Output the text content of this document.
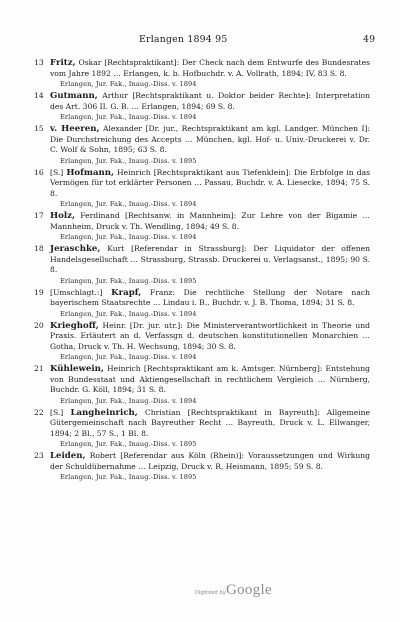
Erlangen 1894 95	49
13 Fritz, Oskar [Rechtspraktikant]: Der Check nach dem Entwurfe des Bundesrates vom Jahre 1892 … Erlangen, k. b. Hofbuchdr. v. A. Vollrath, 1894; IV, 83 S. 8.
Erlangen, Jur. Fak., Inaug.-Diss. v. 1894
14 Gutmann, Arthur [Rechtspraktikant u. Doktor beider Rechte]: Interpretation des Art. 306 II. G. B. … Erlangen, 1894; 69 S. 8.
Erlangen, Jur. Fak., Inaug.-Diss. v. 1894
15 v. Heeren, Alexander [Dr. jur., Rechtspraktikant am kgl. Landger. München I]: Die Durchstreichung des Accepts … München, kgl. Hof- u. Univ.-Druckerei v. Dr. C. Wolf & Sohn, 1895; 63 S. 8.
Erlangen, Jur. Fak., Inaug.-Diss. v. 1895
16 [S.] Hofmann, Heinrich [Rechtspraktikant aus Tiefenklein]: Die Erbfolge in das Vermögen für tot erklärter Personen … Passau, Buchdr. v. A. Liesecke, 1894; 75 S. 8.
Erlangen, Jur. Fak., Inaug.-Diss. v. 1894
17 Holz, Ferdinand [Rechtsanw. in Mannheim]: Zur Lehre von der Bigamie … Mannheim, Druck v. Th. Wendling, 1894; 49 S. 8.
Erlangen, Jur. Fak., Inaug.-Diss. v. 1894
18 Jeraschke, Kurt [Referendar in Strassburg]: Der Liquidator der offenen Handelsgesellschaft … Strassburg, Strassb. Druckerei u. Verlagsanst., 1895; 90 S. 8.
Erlangen, Jur. Fak., Inaug.-Diss. v. 1895
19 [Umschlagt.:] Krapf, Franz: Die rechtliche Stellung der Notare nach bayerischem Staatsrechte … Lindau i. B., Buchdr. v. J. B. Thoma, 1894; 31 S. 8.
Erlangen, Jur. Fak., Inaug.-Diss. v. 1894
20 Krieghoff, Heinr. [Dr. jur. utr.]: Die Ministerverantwortlichkeit in Theorie und Praxis. Erläutert an d. Verfassgn d. deutschen konstitutionellen Monarchien … Gotha, Druck v. Th. H. Wechsung, 1894; 30 S. 8.
Erlangen, Jur. Fak., Inaug.-Diss. v. 1894
21 Kühlewein, Heinrich [Rechtspraktikant am k. Amtsger. Nürnberg]: Entstehung von Bundesstaat und Aktiengesellschaft in rechtlichem Vergleich … Nürnberg, Buchdr. G. Köll, 1894; 31 S. 8.
Erlangen, Jur. Fak., Inaug.-Diss. v. 1894
22 [S.] Langheinrich, Christian [Rechtspraktikant in Bayreuth]: Allgemeine Gütergemeinschaft nach Bayreuther Recht … Bayreuth, Druck v. L. Ellwanger, 1894; 2 Bl., 57 S., 1 Bl. 8.
Erlangen, Jur. Fak., Inaug.-Diss. v. 1895
23 Leiden, Robert [Referendar aus Köln (Rhein)]: Voraussetzungen und Wirkung der Schuldübernahme … Leipzig, Druck v. R. Heismann, 1895; 59 S. 8.
Erlangen, Jur. Fak., Inaug.-Diss. v. 1895
Digitized by Google
